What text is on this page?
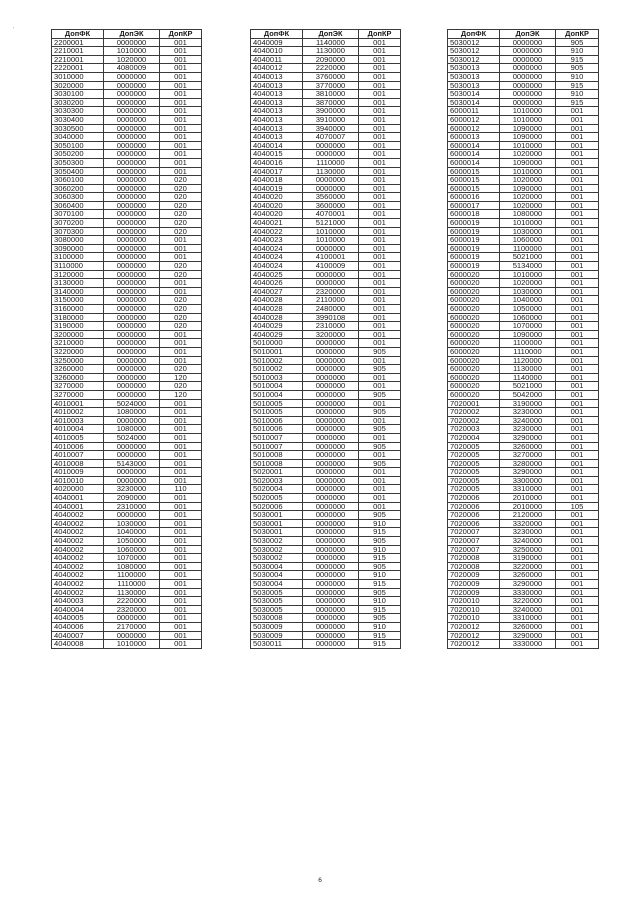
'	ДопФК	ДопЭК	ДопКР
2200001	0000000	001
2210001	1010000	001
2210001	1020000	001
2220001	4080009	001
3010000	0000000	001
3020000	0000000	001
3030100	0000000	001
3030200	0000000	001
3030300	0000000	001
3030400	0000000	001
3030500	0000000	001
3040000	0000000	001
3050100	0000000	001
3050200	0000000	001
3050300	0000000	001
3050400	0000000	001
3060100	0000000	020
3060200	0000000	020
3060300	0000000	020
3060400	0000000	020
3070100	0000000	020
3070200	0000000	020
3070300	0000000	020
3080000	0000000	001
3090000	0000000	001
3100000	0000000	001
3110000	0000000	020
3120000	0000000	020
3130000	0000000	001
3140000	0000000	001
3150000	0000000	020
3160000	0000000	020
3180000	0000000	020
3190000	0000000	020
3200000	0000000	001
3210000	0000000	001
3220000	0000000	001
3250000	0000000	001
3260000	0000000	020
3260000	0000000	120
3270000	0000000	020
3270000	0000000	120
4010001	5024000	001
4010002	1080000	001
4010003	0000000	001
4010004	1080000	001
4010005	5024000	001
4010006	0000000	001
4010007	0000000	001
4010008	5143000	001
4010009	0000000	001
4010010	0000000	001
4020000	3230000	110
4040001	2090000	001
4040001	2310000	001
4040002	0000000	001
4040002	1030000	001
4040002	1040000	001
4040002	1050000	001
4040002	1060000	001
4040002	1070000	001
4040002	1080000	001
4040002	1100000	001
4040002	1110000	001
4040002	1130000	001
4040003	2220000	001
4040004	2320000	001
4040005	0000000	001
4040006	2170000	001
4040007	0000000	001
4040008	1010000	001
ДопФК	ДопЭК	ДопКР
4040009	1140000	001
4040010	1130000	001
4040011	2090000	001
4040012	2220000	001
4040013	3760000	001
4040013	3770000	001
4040013	3810000	001
4040013	3870000	001
4040013	3900000	001
4040013	3910000	001
4040013	3940000	001
4040013	4070007	001
4040014	0000000	001
4040015	0000000	001
4040016	1110000	001
4040017	1130000	001
4040018	0000000	001
4040019	0000000	001
4040020	3560000	001
4040020	3600000	001
4040020	4070001	001
4040021	5121000	001
4040022	1010000	001
4040023	1010000	001
4040024	0000000	001
4040024	4100001	001
4040024	4100009	001
4040025	0000000	001
4040026	0000000	001
4040027	2320000	001
4040028	2110000	001
4040028	2480000	001
4040028	3990108	001
4040029	2310000	001
4040029	3200000	001
5010000	0000000	001
5010001	0000000	905
5010002	0000000	001
5010002	0000000	905
5010003	0000000	001
5010004	0000000	001
5010004	0000000	905
5010005	0000000	001
5010005	0000000	905
5010006	0000000	001
5010006	0000000	905
5010007	0000000	001
5010007	0000000	905
5010008	0000000	001
5010008	0000000	905
5020001	0000000	001
5020003	0000000	001
5020004	0000000	001
5020005	0000000	001
5020006	0000000	001
5030001	0000000	905
5030001	0000000	910
5030001	0000000	915
5030002	0000000	905
5030002	0000000	910
5030002	0000000	915
5030004	0000000	905
5030004	0000000	910
5030004	0000000	915
5030005	0000000	905
5030005	0000000	910
5030005	0000000	915
5030008	0000000	905
5030009	0000000	910
5030009	0000000	915
5030011	0000000	915
ДопФК	ДопЭК	ДопКР
5030012	0000000	905
5030012	0000000	910
5030012	0000000	915
5030013	0000000	905
5030013	0000000	910
5030013	0000000	915
5030014	0000000	910
5030014	0000000	915
6000011	1010000	001
6000012	1010000	001
6000012	1090000	001
6000013	1090000	001
6000014	1010000	001
6000014	1020000	001
6000014	1090000	001
6000015	1010000	001
6000015	1020000	001
6000015	1090000	001
6000016	1020000	001
6000017	1020000	001
6000018	1080000	001
6000019	1010000	001
6000019	1030000	001
6000019	1060000	001
6000019	1100000	001
6000019	5021000	001
6000019	5134000	001
6000020	1010000	001
6000020	1020000	001
6000020	1030000	001
6000020	1040000	001
6000020	1050000	001
6000020	1060000	001
6000020	1070000	001
6000020	1090000	001
6000020	1100000	001
6000020	1110000	001
6000020	1120000	001
6000020	1130000	001
6000020	1140000	001
6000020	5021000	001
6000020	5042000	001
7020001	3190000	001
7020002	3230000	001
7020002	3240000	001
7020003	3230000	001
7020004	3290000	001
7020005	3260000	001
7020005	3270000	001
7020005	3280000	001
7020005	3290000	001
7020005	3300000	001
7020005	3310000	001
7020006	2010000	001
7020006	2010000	105
7020006	2120000	001
7020006	3320000	001
7020007	3230000	001
7020007	3240000	001
7020007	3250000	001
7020008	3190000	001
7020008	3220000	001
7020009	3260000	001
7020009	3290000	001
7020009	3330000	001
7020010	3220000	001
7020010	3240000	001
7020010	3310000	001
7020012	3260000	001
7020012	3290000	001
7020012	3330000	001
6
